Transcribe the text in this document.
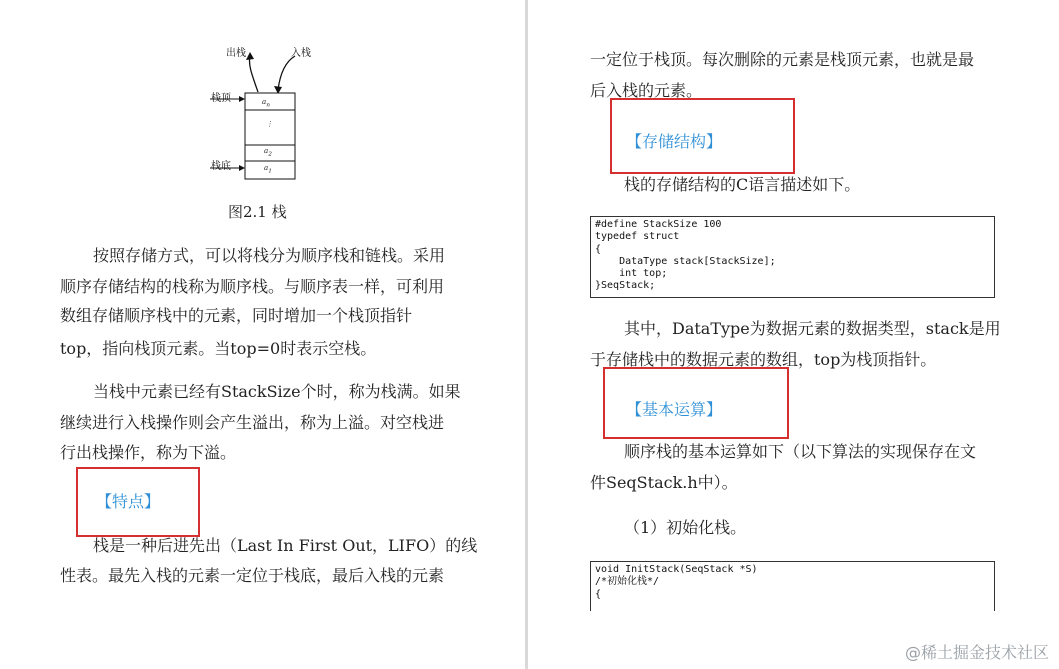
出栈	入栈
栈顶
栈底
$a_n$
⋮
$a_2$
$a_1$
图2.1 栈
按照存储方式，可以将栈分为顺序栈和链栈。采用
顺序存储结构的栈称为顺序栈。与顺序表一样，可利用
数组存储顺序栈中的元素，同时增加一个栈顶指针
top，指向栈顶元素。当top=0时表示空栈。
当栈中元素已经有StackSize个时，称为栈满。如果
继续进行入栈操作则会产生溢出，称为上溢。对空栈进
行出栈操作，称为下溢。
【特点】
栈是一种后进先出（Last In First Out，LIFO）的线
性表。最先入栈的元素一定位于栈底，最后入栈的元素
一定位于栈顶。每次删除的元素是栈顶元素，也就是最
后入栈的元素。
【存储结构】
栈的存储结构的C语言描述如下。
#define StackSize 100
typedef struct
{
DataType stack[StackSize];
int top;
}SeqStack;
其中，DataType为数据元素的数据类型，stack是用
于存储栈中的数据元素的数组，top为栈顶指针。
【基本运算】
顺序栈的基本运算如下（以下算法的实现保存在文
件SeqStack.h中）。
（1）初始化栈。
void InitStack(SeqStack *S)
/*初始化栈*/
{
@稀土掘金技术社区
